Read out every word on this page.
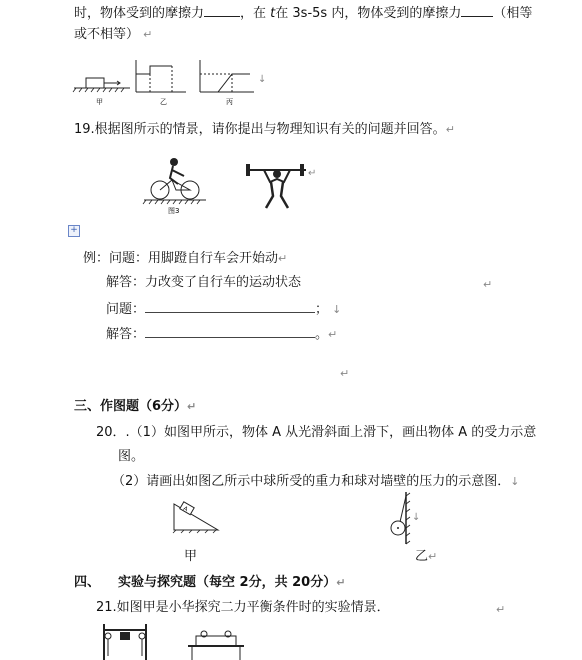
时，物体受到的摩擦力	，在 t在 3s-5s 内，物体受到的摩擦力 （相等
或不相等） ↵
甲	乙	丙
↓
19.根据图所示的情景，请你提出与物理知识有关的问题并回答。↵
图3
↵
+
例：问题：用脚蹬自行车会开始动↵
解答：力改变了自行车的运动状态	↵
问题：	； ↓
解答：	。↵
↵
三、作图题（6分）↵
20．.（1）如图甲所示，物体 A 从光滑斜面上滑下，画出物体 A 的受力示意
图。
（2）请画出如图乙所示中球所受的重力和球对墙壁的压力的示意图．↓
A
甲
↓
乙↵
四、 实验与探究题（每空 2分，共 20分）↵
21.如图甲是小华探究二力平衡条件时的实验情景．	↵
